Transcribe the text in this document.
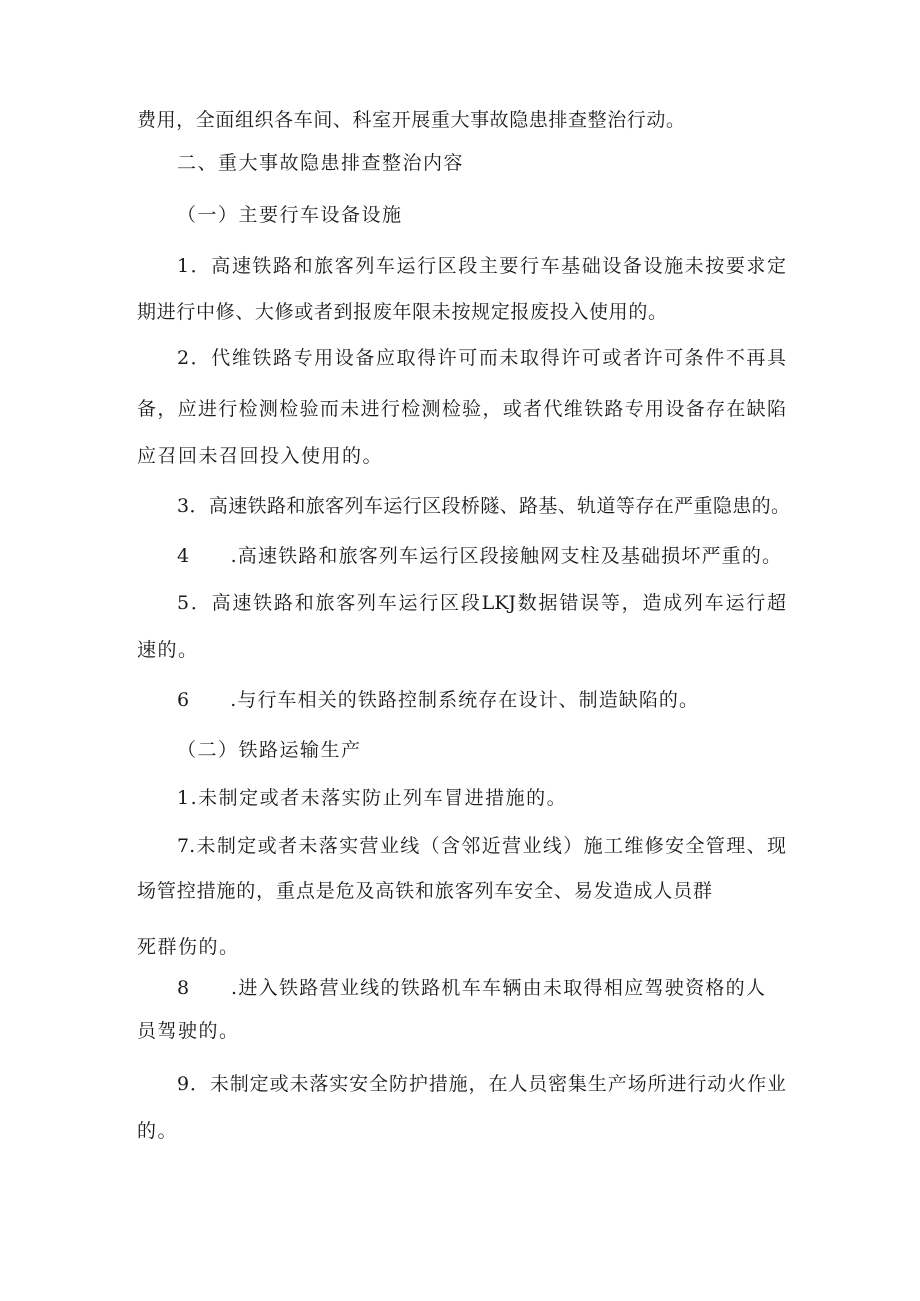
费用，全面组织各车间、科室开展重大事故隐患排查整治行动。
二、重大事故隐患排查整治内容
（一）主要行车设备设施
1．高速铁路和旅客列车运行区段主要行车基础设备设施未按要求定
期进行中修、大修或者到报废年限未按规定报废投入使用的。
2．代维铁路专用设备应取得许可而未取得许可或者许可条件不再具
备，应进行检测检验而未进行检测检验，或者代维铁路专用设备存在缺陷
应召回未召回投入使用的。
3．高速铁路和旅客列车运行区段桥隧、路基、轨道等存在严重隐患的。
4　　.高速铁路和旅客列车运行区段接触网支柱及基础损坏严重的。
5．高速铁路和旅客列车运行区段LKJ数据错误等，造成列车运行超
速的。
6　　.与行车相关的铁路控制系统存在设计、制造缺陷的。
（二）铁路运输生产
1.未制定或者未落实防止列车冒进措施的。
7.未制定或者未落实营业线（含邻近营业线）施工维修安全管理、现
场管控措施的，重点是危及高铁和旅客列车安全、易发造成人员群
死群伤的。
8　　.进入铁路营业线的铁路机车车辆由未取得相应驾驶资格的人
员驾驶的。
9．未制定或未落实安全防护措施，在人员密集生产场所进行动火作业
的。
